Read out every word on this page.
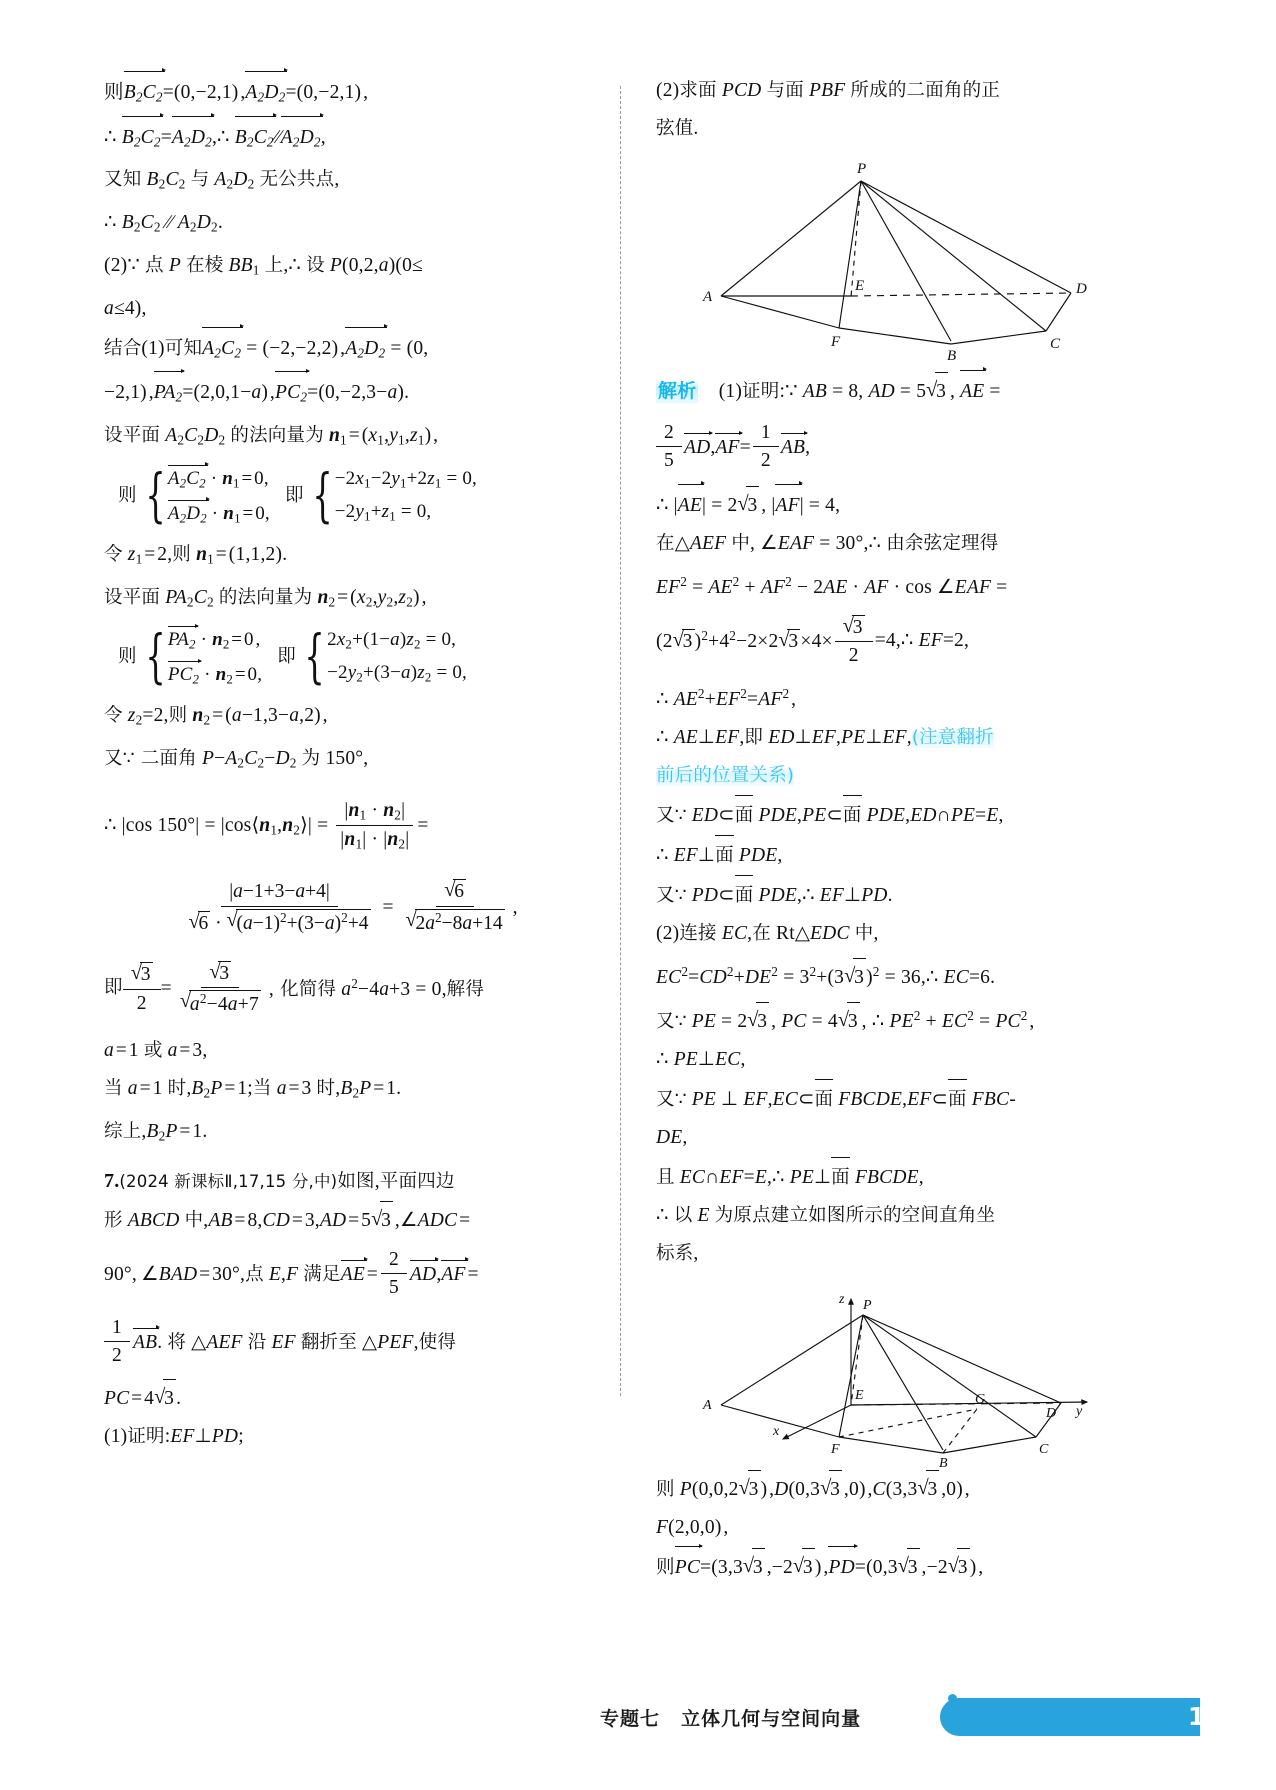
则$B_2C_2=(0,-2,1)$ $,A_2D_2=(0,-2,1)$ ,
∴ $B_2C_2=A_2D_2,\therefore$ $B_2C_2∕∕A_2D_2$,
又知 $B_2C_2$ 与 $A_2D_2$ 无公共点,
∴ $B_2C_2$ ∕∕ $A_2D_2$.
(2)∵ 点 P 在棱 $BB_1$ 上,∴ 设 P(0,2,a)(0≤
a≤4),
结合(1)可知$A_2C_2 = (-2,-2,2)$ $,A_2D_2 = (0$,
−2,1) $,PA_2=(2,0,1-a)$ $,PC_2=(0,-2,3-a)$.
设平面 $A_2C_2D_2$ 的法向量为 $n_1$ = $(x_1,y_1,z_1)$ ,
则 { $A_2C_2 \cdot n_1$ = 0,
$A_2D_2 \cdot n_1$ = 0,
即 { $-2x_1-2y_1+2z_1 = 0$,
$-2y_1+z_1 = 0$,
令 $z_1$ = 2,则 $n_1$ = (1,1,2).
设平面 $PA_2C_2$ 的法向量为 $n_2$ = $(x_2,y_2,z_2)$ ,
则 { $PA_2 \cdot n_2$ = 0 ,
$PC_2 \cdot n_2$ = 0,
即 { $2x_2+(1-a)z_2 = 0$,
$-2y_2+(3-a)z_2 = 0$,
令 $z_2=2$,则 $n_2$ = (a−1,3−a,2) ,
又∵ 二面角 $P-A_2C_2-D_2$ 为 150°,
∴ |cos $150^\circ| = |\cos⟨n_1,n_2⟩| = \frac{|n_1 \cdot n_2|}{|n_1| \cdot |n_2|}$ =
|a−1+3−a+4|
√ 6 · √ $(a-1)^2+(3-a)^2+4$ = √ 6
√ $2a^2-8a+14$ ,
即 √ $\frac{3}{2}$ = √ 3
√ $a^2-4a+7$ , 化简得 $a^2-4a+3 = 0$,解得
a = 1 或 a = 3,
当 a = 1 时$,B_2P$ = 1;当 a = 3 时$,B_2P$ = 1.
综上$,B_2P$ = 1.
7.(2024 新课标Ⅱ,17,15 分,中)如图,平面四边
形 ABCD 中,AB = 8,CD = 3,AD = 5 √ 3 ,∠ADC =
90°, ∠BAD = 30°,点 E,F 满足AE = $\frac{2}{5} AD,AF$ =
$\frac{1}{2}$ AB. 将 △AEF 沿 EF 翻折至 △PEF,使得
PC = 4 √ 3 .
(1)证明:EF⊥PD;
(2)求面 PCD 与面 PBF 所成的二面角的正
弦值.
P
A
E	D
F
B
C
解析    (1)证明:∵ AB = 8, AD = 5 √ 3 , AE =
$\frac{2}{5} AD,AF= \frac{1}{2}$ AB,
∴ |AE| = 2 √ 3 , |AF| = 4,
在△AEF 中, ∠EAF = 30°,∴ 由余弦定理得
$EF^2 = AE^2 + AF^2 - 2AE$ · AF · cos ∠EAF =
(2 √ 3 )$^2+4^2-2\times 2$ √ 3 ×4× √ $\frac{3}{2}$ =4,∴ EF=2,
∴ $AE^2+EF^2=AF^2$ ,
∴ AE⊥EF,即 ED⊥EF,PE⊥EF,(注意翻折
前后的位置关系)
又∵ ED⊂面 PDE,PE⊂面 PDE,ED∩PE=E,
∴ EF⊥面 PDE,
又∵ PD⊂面 PDE,∴ EF⊥PD.
(2)连接 EC,在 Rt△EDC 中,
$EC^2=CD^2+DE^2 = 3^2+(3$ √ 3 )$^2$ = 36,∴ EC=6.
又∵ PE = 2 √ 3 , PC = 4 √ 3 , ∴ $PE^2 + EC^2 = PC^2$ ,
∴ PE⊥EC,
又∵ PE ⊥ EF,EC⊂面 FBCDE,EF⊂面 FBC-
DE,
且 EC∩EF=E,∴ PE⊥面 FBCDE,
∴ 以 E 为原点建立如图所示的空间直角坐
标系,
z P
A
E	G
D y
x
F
B
C
则 P(0,0,2 √ 3 ) ,D(0,3 √ 3 ,0) ,C(3,3 √ 3 ,0) ,
F(2,0,0) ,
则PC=(3,3 √ 3 ,−2 √ 3 ) ,PD=(0,3 √ 3 ,−2 √ 3 ) ,
专题七 立体几何与空间向量	179
